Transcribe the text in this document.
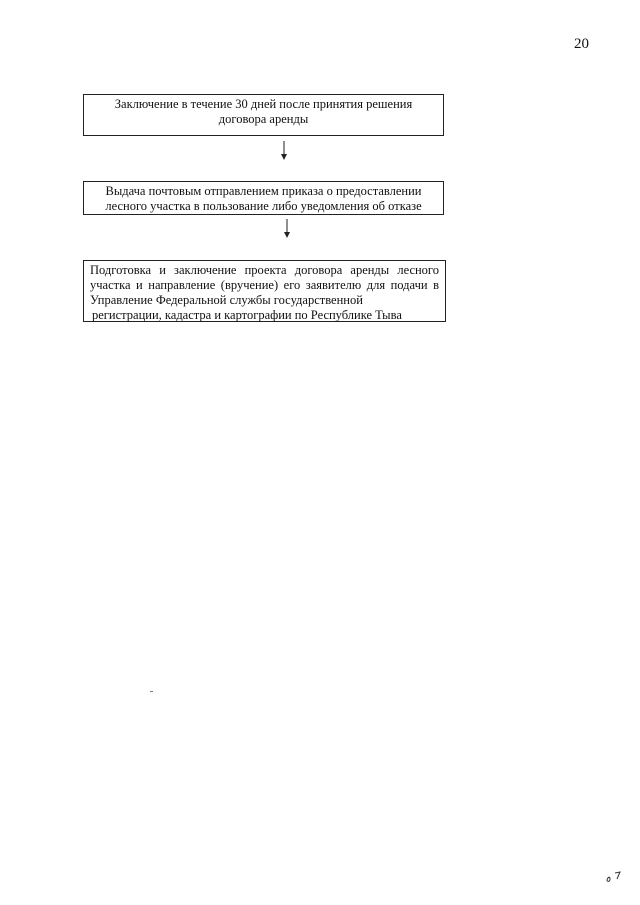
20
Заключение в течение 30 дней после принятия решения
договора аренды
Выдача почтовым отправлением приказа о предоставлении
лесного участка в пользование либо уведомления об отказе
Подготовка и заключение проекта договора аренды лесного
участка и направление (вручение) его заявителю для подачи в
Управление Федеральной службы государственной
регистрации, кадастра и картографии по Республике Тыва
